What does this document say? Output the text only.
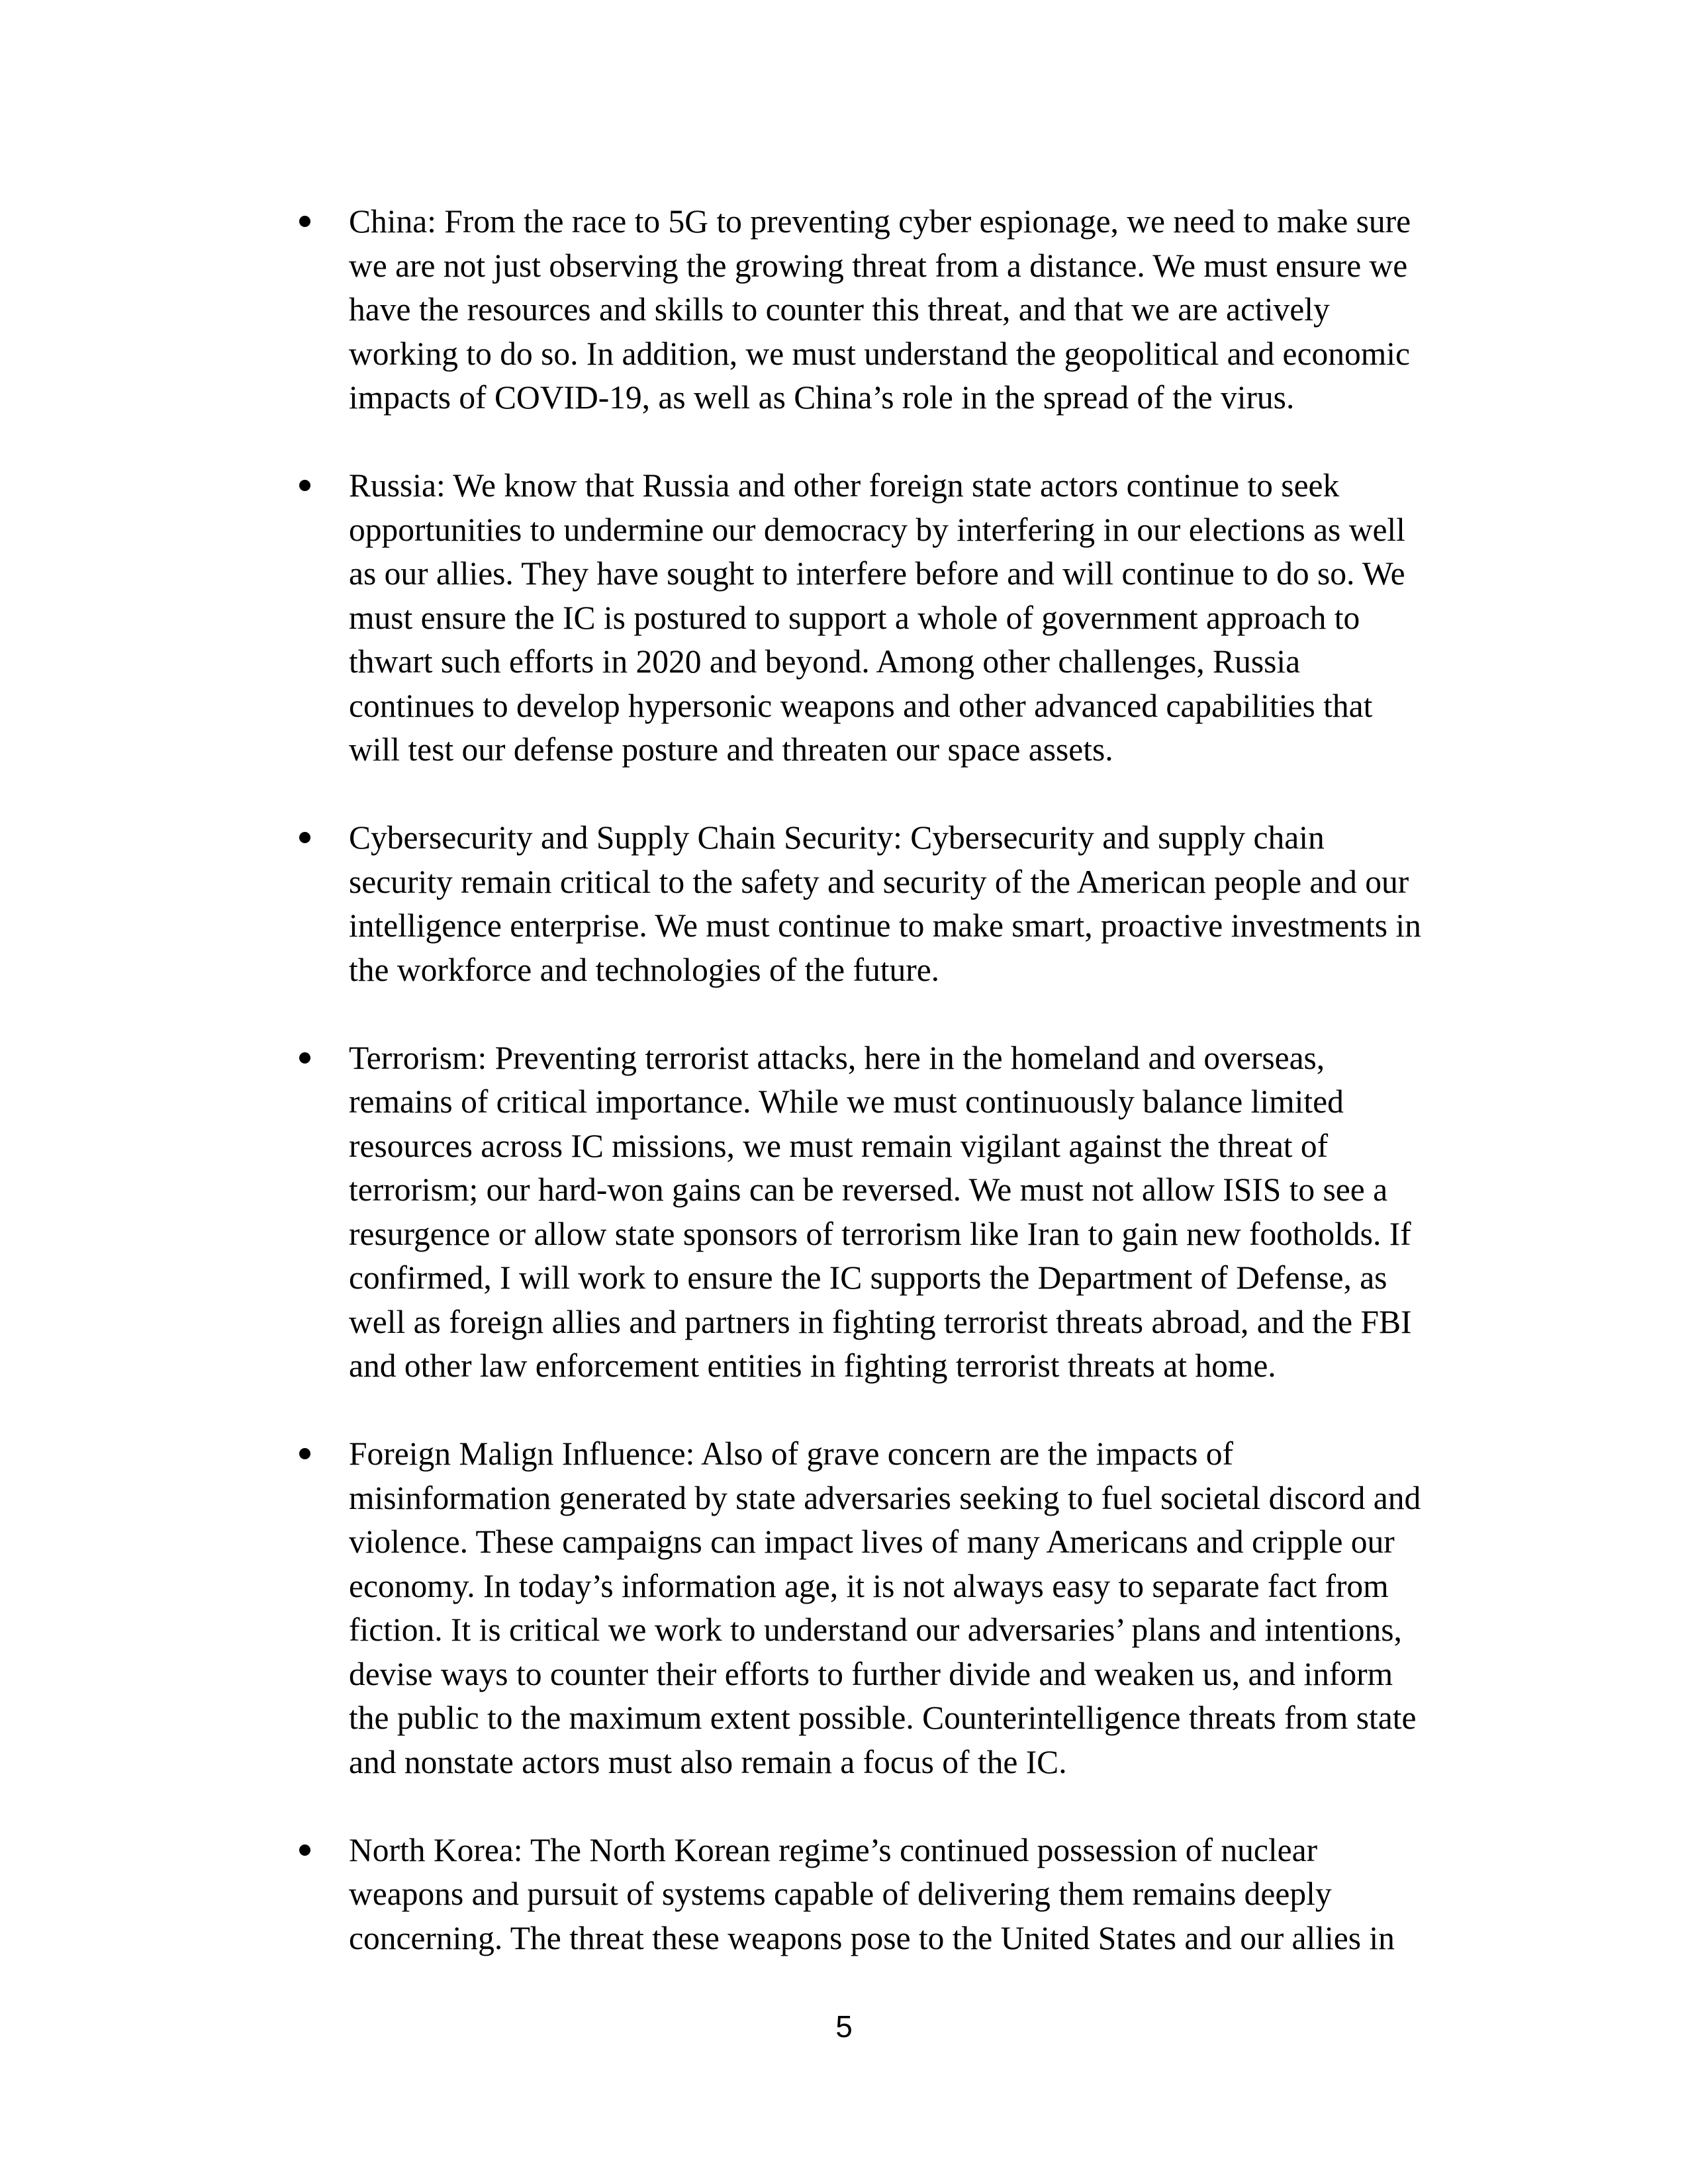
China: From the race to 5G to preventing cyber espionage, we need to make sure
we are not just observing the growing threat from a distance. We must ensure we
have the resources and skills to counter this threat, and that we are actively
working to do so. In addition, we must understand the geopolitical and economic
impacts of COVID-19, as well as China’s role in the spread of the virus.
Russia: We know that Russia and other foreign state actors continue to seek
opportunities to undermine our democracy by interfering in our elections as well
as our allies. They have sought to interfere before and will continue to do so. We
must ensure the IC is postured to support a whole of government approach to
thwart such efforts in 2020 and beyond. Among other challenges, Russia
continues to develop hypersonic weapons and other advanced capabilities that
will test our defense posture and threaten our space assets.
Cybersecurity and Supply Chain Security: Cybersecurity and supply chain
security remain critical to the safety and security of the American people and our
intelligence enterprise. We must continue to make smart, proactive investments in
the workforce and technologies of the future.
Terrorism: Preventing terrorist attacks, here in the homeland and overseas,
remains of critical importance. While we must continuously balance limited
resources across IC missions, we must remain vigilant against the threat of
terrorism; our hard-won gains can be reversed. We must not allow ISIS to see a
resurgence or allow state sponsors of terrorism like Iran to gain new footholds. If
confirmed, I will work to ensure the IC supports the Department of Defense, as
well as foreign allies and partners in fighting terrorist threats abroad, and the FBI
and other law enforcement entities in fighting terrorist threats at home.
Foreign Malign Influence: Also of grave concern are the impacts of
misinformation generated by state adversaries seeking to fuel societal discord and
violence. These campaigns can impact lives of many Americans and cripple our
economy. In today’s information age, it is not always easy to separate fact from
fiction. It is critical we work to understand our adversaries’ plans and intentions,
devise ways to counter their efforts to further divide and weaken us, and inform
the public to the maximum extent possible. Counterintelligence threats from state
and nonstate actors must also remain a focus of the IC.
North Korea: The North Korean regime’s continued possession of nuclear
weapons and pursuit of systems capable of delivering them remains deeply
concerning. The threat these weapons pose to the United States and our allies in
5
